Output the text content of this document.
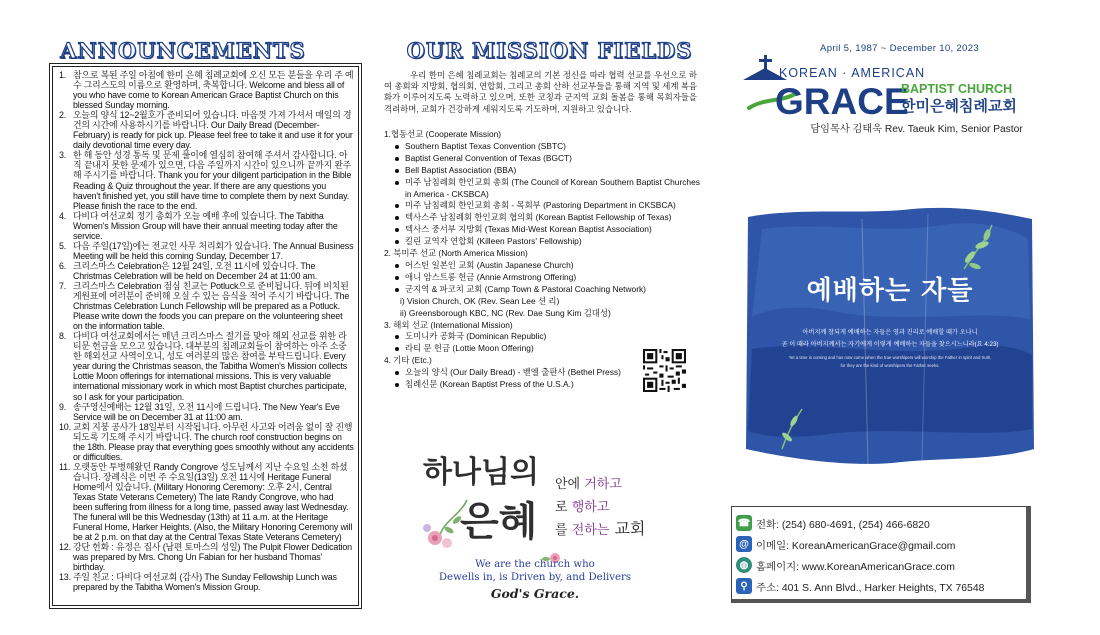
ANNOUNCEMENTS
1. 참으로 복된 주일 아침에 한미 은혜 침례교회에 오신 모든 분들을 우리 주 예수 그리스도의 이름으로 환영하며, 축복합니다. Welcome and bless all of you who have come to Korean American Grace Baptist Church on this blessed Sunday morning.
2. 오늘의 양식 12~2월호가 준비되어 있습니다. 마음껏 가져 가셔서 매일의 경건의 시간에 사용하시기를 바랍니다. Our Daily Bread (December-February) is ready for pick up. Please feel free to take it and use it for your daily devotional time every day.
3. 한 해 동안 성경 통독 및 문제 풀이에 열심히 참여해 주셔서 감사합니다. 아직 끝내지 못한 문제가 있으면, 다음 주일까지 시간이 있으니까 끝까지 완주해 주시기를 바랍니다. Thank you for your diligent participation in the Bible Reading & Quiz throughout the year. If there are any questions you haven't finished yet, you still have time to complete them by next Sunday. Please finish the race to the end.
4. 다비다 여선교회 정기 총회가 오늘 예배 후에 있습니다. The Tabitha Women's Mission Group will have their annual meeting today after the service.
5. 다음 주일(17일)에는 전교인 사무 처리회가 있습니다. The Annual Business Meeting will be held this coming Sunday, December 17.
6. 크리스마스 Celebration은 12월 24일, 오전 11시에 있습니다. The Christmas Celebration will be held on December 24 at 11:00 am.
7. 크리스마스 Celebration 점심 친교는 Potluck으로 준비됩니다. 뒤에 비치된 게원표에 여러분이 준비해 오실 수 있는 음식을 적어 주시기 바랍니다. The Christmas Celebration Lunch Fellowship will be prepared as a Potluck. Please write down the foods you can prepare on the volunteering sheet on the information table.
8. 다비다 여선교회에서는 매년 크리스마스 절기를 맞아 해외 선교를 위한 라티문 헌금을 모으고 있습니다. 대부분의 침례교회들이 참여하는 아주 소중한 해외선교 사역이오니, 성도 여러분의 많은 참여를 부탁드립니다. Every year during the Christmas season, the Tabitha Women's Mission collects Lottie Moon offerings for international missions. This is very valuable international missionary work in which most Baptist churches participate, so I ask for your participation.
9. 송구영신예배는 12월 31일, 오전 11시에 드립니다. The New Year's Eve Service will be on December 31 at 11:00 am.
10. 교회 지붕 공사가 18일부터 시작됩니다. 아무런 사고와 어려움 없이 잘 진행되도록 기도해 주시기 바랍니다. The church roof construction begins on the 18th. Please pray that everything goes smoothly without any accidents or difficulties.
11. 오랫동안 투병해왔던 Randy Congrove 성도님께서 지난 수요일 소천 하셨습니다. 장례식은 이번 주 수요일(13일) 오전 11시에 Heritage Funeral Home에서 있습니다. (Military Honoring Ceremony: 오후 2시, Central Texas State Veterans Cemetery) The late Randy Congrove, who had been suffering from illness for a long time, passed away last Wednesday. The funeral will be this Wednesday (13th) at 11 a.m. at the Heritage Funeral Home, Harker Heights. (Also, the Military Honoring Ceremony will be at 2 p.m. on that day at the Central Texas State Veterans Cemetery)
12. 강단 헌화 : 유정은 집사 (남편 토마스의 성일) The Pulpit Flower Dedication was prepared by Mrs. Chong Un Fabian for her husband Thomas' birthday.
13. 주일 친교 : 다비다 여선교회 (감사) The Sunday Fellowship Lunch was prepared by the Tabitha Women's Mission Group.
OUR MISSION FIELDS

우리 한미 은혜 침례교회는 침례교의 기본 정신을 따라 협력 선교를 우선으로 하여 총회와 지방회, 협의회, 연합회, 그리고 총회 산하 선교부들을 통해 지역 및 세계 복음화가 이루어지도록 노력하고 있으며, 또한 코칭과 군지역 교회 돌봄을 통해 목회자들을 격려하며, 교회가 건강하게 세워지도록 기도하며, 지원하고 있습니다.

1.협동선교 (Cooperate Mission)
Southern Baptist Texas Convention (SBTC)
Baptist General Convention of Texas (BGCT)
Bell Baptist Association (BBA)
미주 남침례회 한인교회 총회 (The Council of Korean Southern Baptist Churches in America - CKSBCA)
미주 남침례회 한인교회 총회 - 목회부 (Pastoring Department in CKSBCA)
텍사스주 남침례회 한인교회 협의회 (Korean Baptist Fellowship of Texas)
텍사스 중서부 지방회 (Texas Mid-West Korean Baptist Association)
킬린 교역자 연합회 (Killeen Pastors' Fellowship)
2. 북미주 선교 (North America Mission)
어스틴 일본인 교회 (Austin Japanese Church)
애니 암스트롱 헌금 (Annie Armstrong Offering)
군지역 & 파코치 교회 (Camp Town & Pastoral Coaching Network)
i) Vision Church, OK (Rev. Sean Lee 션 리)
ii) Greensborough KBC, NC (Rev. Dae Sung Kim 김대성)
3. 해외 선교 (International Mission)
도미니카 공화국 (Dominican Republic)
라티 문 헌금 (Lottie Moon Offering)
4. 기타 (Etc.)
오늘의 양식 (Our Daily Bread) - 벧엘 출판사 (Bethel Press)
침례신문 (Korean Baptist Press of the U.S.A.)
하나님의
은혜
안에 거하고
로 행하고
를 전하는 교회
We are the church who
Dewells in, is Driven by, and Delivers
God's Grace.
April 5, 1987 ~ December 10, 2023
KOREAN · AMERICAN
GRACE
BAPTIST CHURCH
한미은혜침례교회
담임목사 김태욱 Rev. Taeuk Kim, Senior Pastor
예배하는 자들
아버지께 참되게 예배하는 자들은 영과 진리로 예배할 때가 오나니
곧 이 때라 아버지께서는 자기에게 이렇게 예배하는 자들을 찾으시느니라(요 4:23)
Yet a time is coming and has now come when the true worshipers will worship the Father in spirit and truth,
for they are the kind of worshipers the Father seeks.
☎ 전화: (254) 680-4691, (254) 466-6820
@ 이메일: KoreanAmericanGrace@gmail.com
◍ 홈페이지: www.KoreanAmericanGrace.com
⚲ 주소: 401 S. Ann Blvd., Harker Heights, TX 76548
